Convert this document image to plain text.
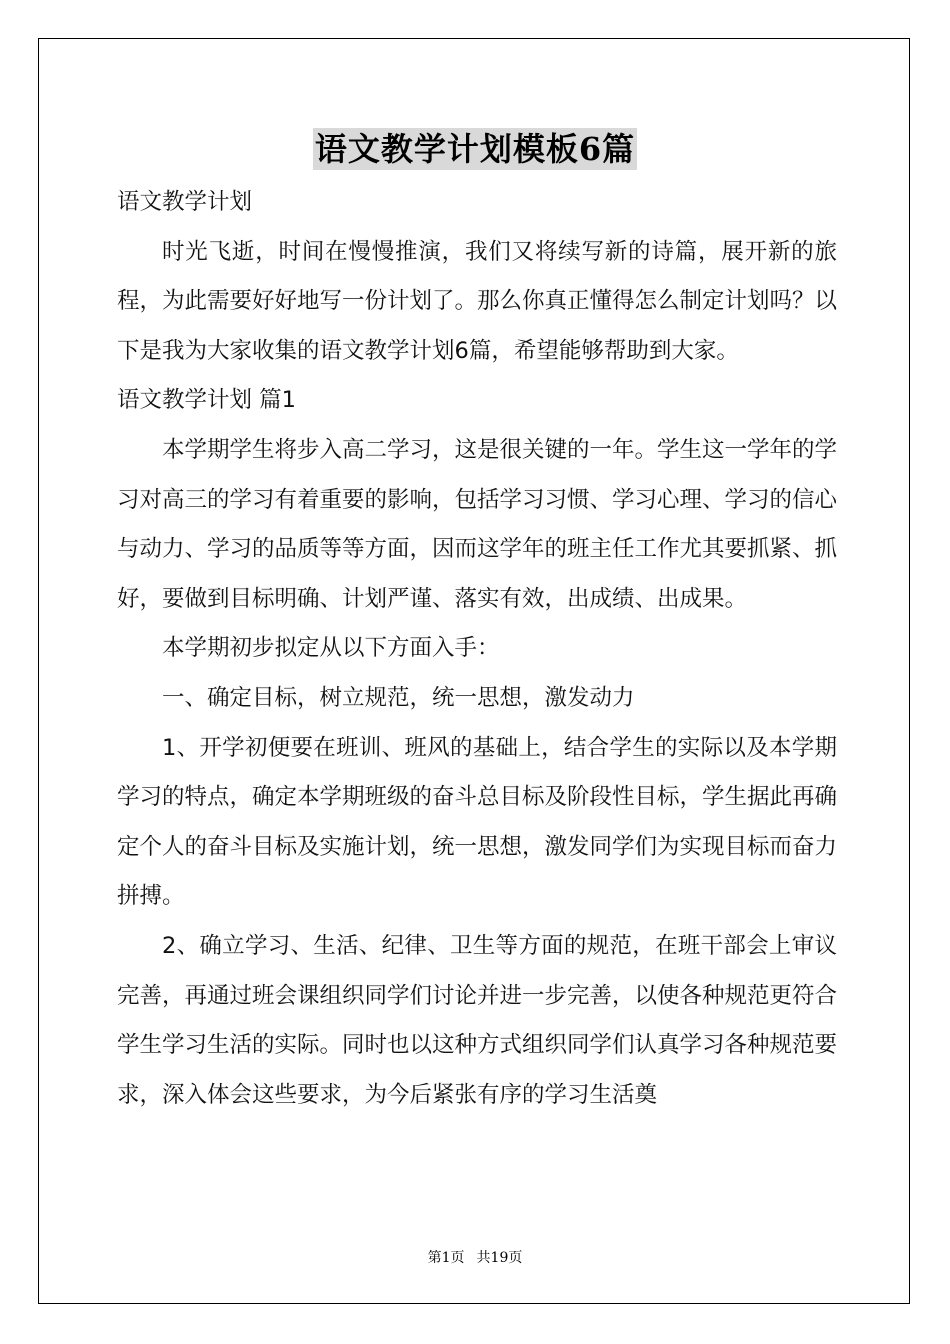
语文教学计划模板6篇

语文教学计划

时光飞逝，时间在慢慢推演，我们又将续写新的诗篇，展开新的旅程，为此需要好好地写一份计划了。那么你真正懂得怎么制定计划吗？以下是我为大家收集的语文教学计划6篇，希望能够帮助到大家。

语文教学计划 篇1

本学期学生将步入高二学习，这是很关键的一年。学生这一学年的学习对高三的学习有着重要的影响，包括学习习惯、学习心理、学习的信心与动力、学习的品质等等方面，因而这学年的班主任工作尤其要抓紧、抓好，要做到目标明确、计划严谨、落实有效，出成绩、出成果。

本学期初步拟定从以下方面入手：

一、确定目标，树立规范，统一思想，激发动力

1、开学初便要在班训、班风的基础上，结合学生的实际以及本学期学习的特点，确定本学期班级的奋斗总目标及阶段性目标，学生据此再确定个人的奋斗目标及实施计划，统一思想，激发同学们为实现目标而奋力拼搏。

2、确立学习、生活、纪律、卫生等方面的规范，在班干部会上审议完善，再通过班会课组织同学们讨论并进一步完善，以使各种规范更符合学生学习生活的实际。同时也以这种方式组织同学们认真学习各种规范要求，深入体会这些要求，为今后紧张有序的学习生活奠

第1页 共19页
